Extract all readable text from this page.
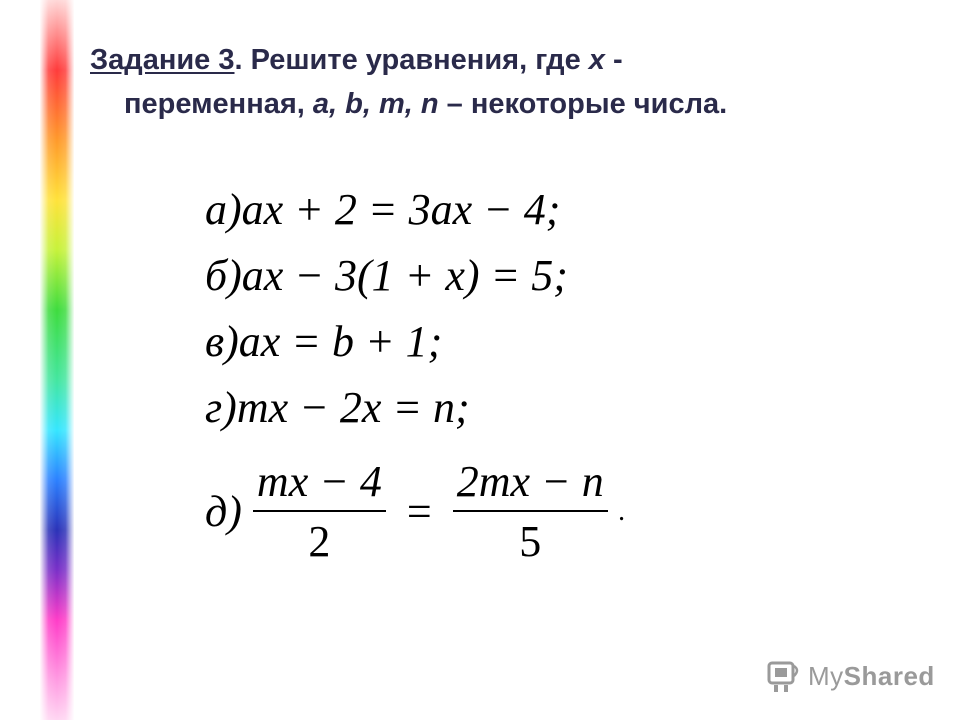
Задание 3. Решите уравнения, где x -
переменная, a, b, m, n – некоторые числа.
а)ax + 2 = 3ax − 4;
б)ax − 3(1 + x) = 5;
в)ax = b + 1;
г)mx − 2x = n;
$д) \frac{mx - 4}{2} = \frac{2mx - n}{5}$ .
MyShared
